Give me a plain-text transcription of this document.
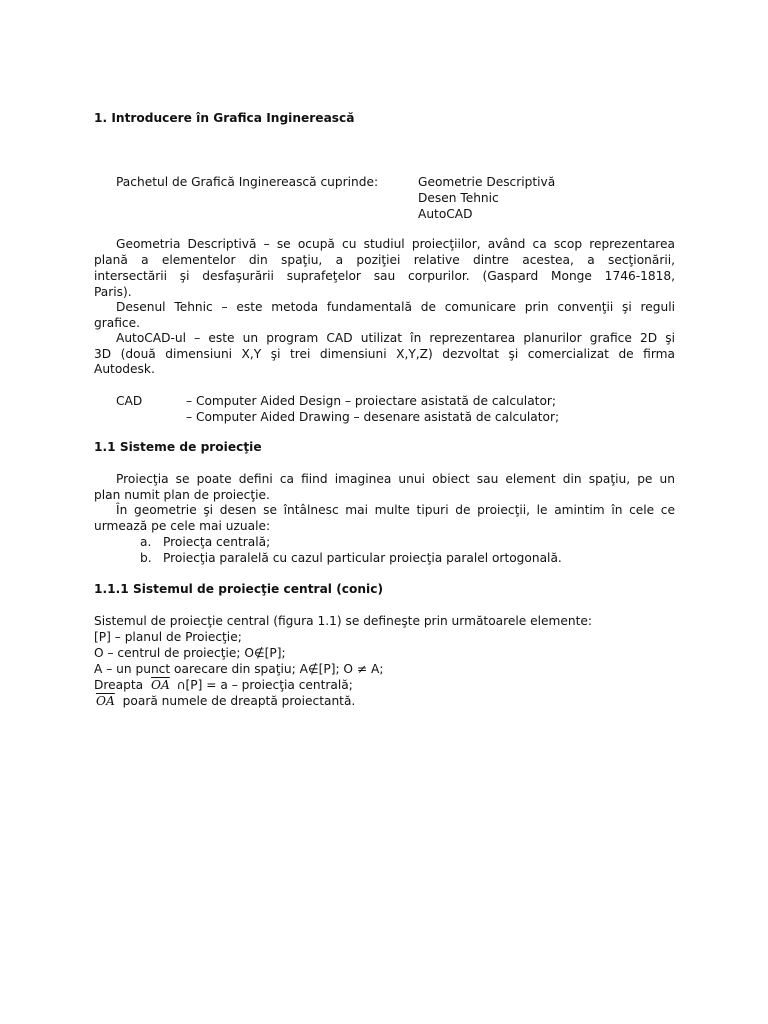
1. Introducere în Grafica Inginerească
Pachetul de Grafică Inginerească cuprinde:	Geometrie Descriptivă
Desen Tehnic
AutoCAD
Geometria Descriptivă – se ocupă cu studiul proiecţiilor, având ca scop reprezentarea
plană a elementelor din spaţiu, a poziţiei relative dintre acestea, a secţionării,
intersectării şi desfaşurării suprafeţelor sau corpurilor. (Gaspard Monge 1746-1818,
Paris).
Desenul Tehnic – este metoda fundamentală de comunicare prin convenţii şi reguli
grafice.
AutoCAD-ul – este un program CAD utilizat în reprezentarea planurilor grafice 2D şi
3D (două dimensiuni X,Y şi trei dimensiuni X,Y,Z) dezvoltat şi comercializat de firma
Autodesk.
CAD	– Computer Aided Design – proiectare asistată de calculator;
– Computer Aided Drawing – desenare asistată de calculator;
1.1 Sisteme de proiecţie
Proiecţia se poate defini ca fiind imaginea unui obiect sau element din spaţiu, pe un
plan numit plan de proiecţie.
În geometrie şi desen se întâlnesc mai multe tipuri de proiecţii, le amintim în cele ce
urmează pe cele mai uzuale:
a. Proiecţa centrală;
b. Proiecţia paralelă cu cazul particular proiecţia paralel ortogonală.
1.1.1 Sistemul de proiecţie central (conic)
Sistemul de proiecţie central (figura 1.1) se defineşte prin următoarele elemente:
[P] – planul de Proiecţie;
O – centrul de proiecţie; O∉[P];
A – un punct oarecare din spaţiu; A∉[P]; O ≠ A;
Dreapta $\overline{OA}$ ∩[P] = a – proiecţia centrală;
$\overline{OA}$ poară numele de dreaptă proiectantă.
